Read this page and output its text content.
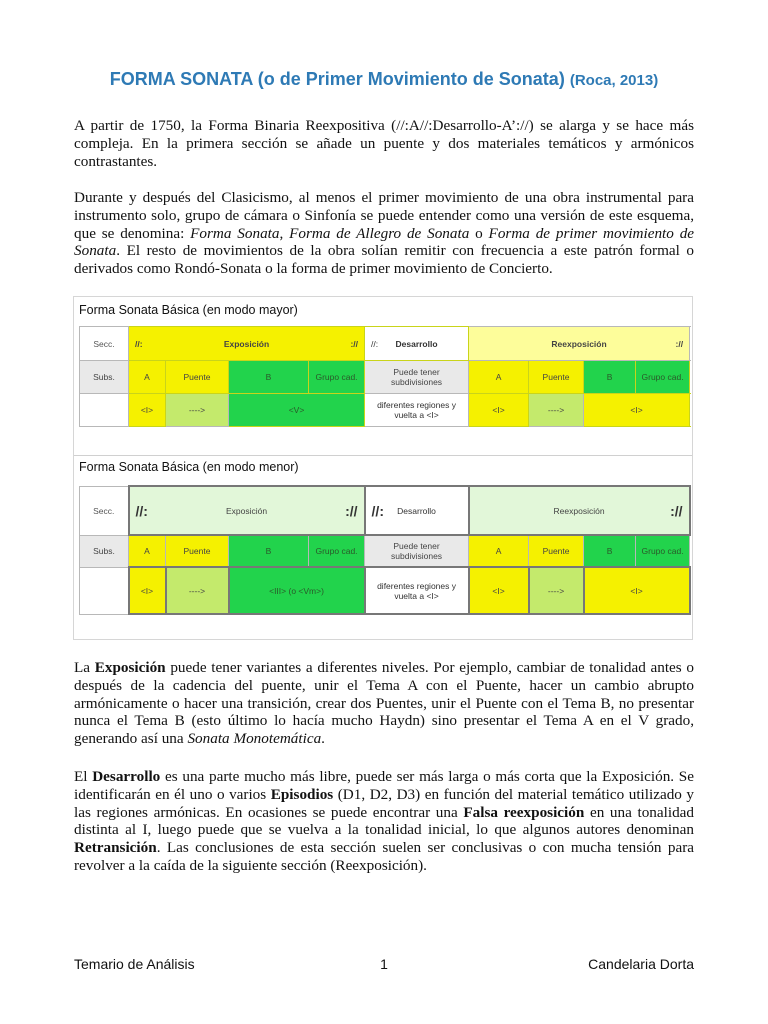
FORMA SONATA (o de Primer Movimiento de Sonata) (Roca, 2013)

A partir de 1750, la Forma Binaria Reexpositiva (//:A//:Desarrollo-A’://) se alarga y se hace más compleja. En la primera sección se añade un puente y dos materiales temáticos y armónicos contrastantes.

Durante y después del Clasicismo, al menos el primer movimiento de una obra instrumental para instrumento solo, grupo de cámara o Sinfonía se puede entender como una versión de este esquema, que se denomina: Forma Sonata, Forma de Allegro de Sonata o Forma de primer movimiento de Sonata. El resto de movimientos de la obra solían remitir con frecuencia a este patrón formal o derivados como Rondó-Sonata o la forma de primer movimiento de Concierto.

Forma Sonata Básica (en modo mayor)
Secc.	//: Exposición ://				//: Desarrollo	Reexposición ://			

Subs.	A	Puente	B	Grupo cad.	Puede tener subdivisiones	A	Puente	B	Grupo cad.
	<I>	---->	<V>		diferentes regiones y vuelta a <I>	<I>	---->	<I>	
Forma Sonata Básica (en modo menor)
Secc.	//: Exposición ://				//: Desarrollo	Reexposición ://			

Subs.	A	Puente	B	Grupo cad.	Puede tener subdivisiones	A	Puente	B	Grupo cad.
	<I>	---->	<III> (o <Vm>)		diferentes regiones y vuelta a <I>	<I>	---->	<I>	

La Exposición puede tener variantes a diferentes niveles. Por ejemplo, cambiar de tonalidad antes o después de la cadencia del puente, unir el Tema A con el Puente, hacer un cambio abrupto armónicamente o hacer una transición, crear dos Puentes, unir el Puente con el Tema B, no presentar nunca el Tema B (esto último lo hacía mucho Haydn) sino presentar el Tema A en el V grado, generando así una Sonata Monotemática.

El Desarrollo es una parte mucho más libre, puede ser más larga o más corta que la Exposición. Se identificarán en él uno o varios Episodios (D1, D2, D3) en función del material temático utilizado y las regiones armónicas. En ocasiones se puede encontrar una Falsa reexposición en una tonalidad distinta al I, luego puede que se vuelva a la tonalidad inicial, lo que algunos autores denominan Retransición. Las conclusiones de esta sección suelen ser conclusivas o con mucha tensión para revolver a la caída de la siguiente sección (Reexposición).

Temario de Análisis	1	Candelaria Dorta
